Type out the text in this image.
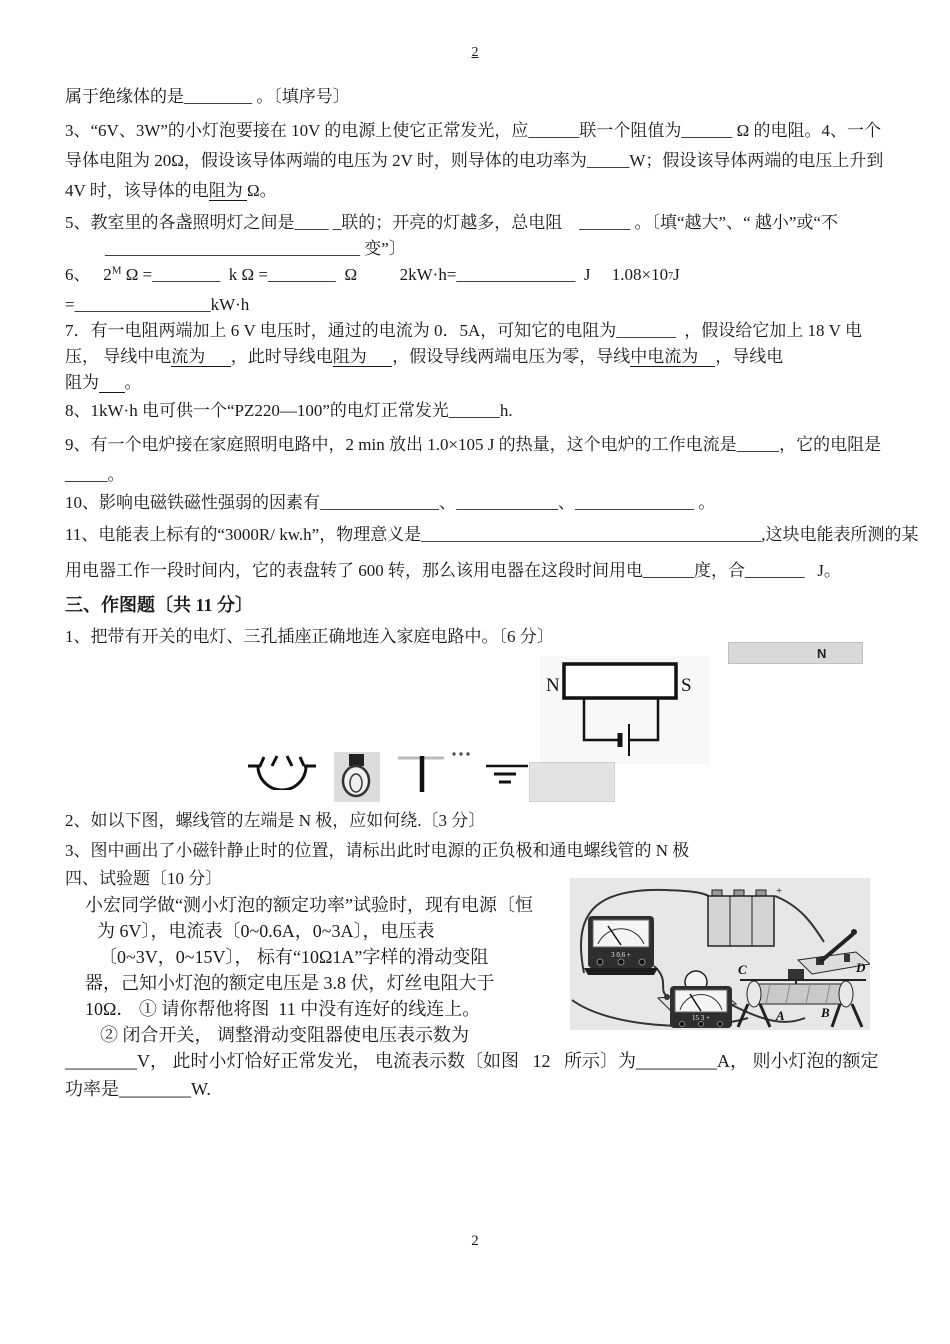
2
属于绝缘体的是________ 。〔填序号〕
3、“6V、3W”的小灯泡要接在 10V 的电源上使它正常发光，应______联一个阻值为______ Ω 的电阻。4、一个
导体电阻为 20Ω，假设该导体两端的电压为 2V 时，则导体的电功率为_____W；假设该导体两端的电压上升到
4V 时，该导体的电阻为 Ω。
5、教室里的各盏照明灯之间是____ _联的；开亮的灯越多，总电阻    ______ 。〔填“越大”、“ 越小”或“不
______________________________ 变”〕
6、   $2^M$ Ω =________  k Ω =________  Ω          2kW·h=______________  J     1.08×107J
=________________kW·h
7．有一电阻两端加上 6 V 电压时，通过的电流为 0．5A，可知它的电阻为_______  ，假设给它加上 18 V 电
压， 导线中电流为      ，此时导线电阻为      ，假设导线两端电压为零，导线中电流为    ，导线电
阻为 。
8、1kW·h 电可供一个“PZ220—100”的电灯正常发光______h.
9、有一个电炉接在家庭照明电路中，2 min 放出 1.0×105 J 的热量，这个电炉的工作电流是_____，它的电阻是
_____。
10、影响电磁铁磁性强弱的因素有______________、____________、______________ 。
11、电能表上标有的“3000R/ kw.h”，物理意义是________________________________________,这块电能表所测的某
用电器工作一段时间内，它的表盘转了 600 转，那么该用电器在这段时间用电______度，合_______   J。
三、作图题〔共 11 分〕
1、把带有开关的电灯、三孔插座正确地连入家庭电路中。〔6 分〕
N	S
N
2、如以下图，螺线管的左端是 N 极，应如何绕.〔3 分〕
3、图中画出了小磁针静止时的位置，请标出此时电源的正负极和通电螺线管的 N 极
四、试验题〔10 分〕
小宏同学做“测小灯泡的额定功率”试验时，现有电源〔恒
为 6V〕，电流表〔0~0.6A，0~3A〕，电压表
〔0~3V，0~15V〕， 标有“10Ω1A”字样的滑动变阻
器，己知小灯泡的额定电压是 3.8 伏，灯丝电阻大于
10Ω． ① 请你帮他将图  11 中没有连好的线连上。
② 闭合开关， 调整滑动变阻器使电压表示数为
________V， 此时小灯恰好正常发光， 电流表示数〔如图   12   所示〕为_________A， 则小灯泡的额定
功率是________W.
+
3 0.6 +
15 3 +
C	D
A	B
2
